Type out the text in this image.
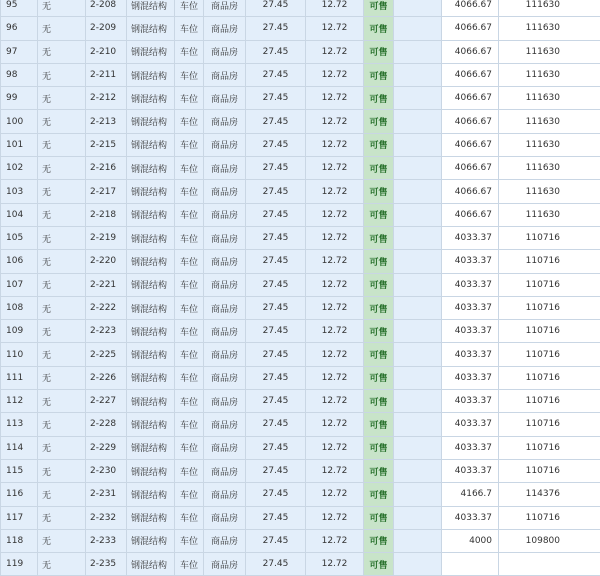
95	无	2-208	钢混结构	车位	商品房	27.45	12.72	可售		4066.67	111630
96	无	2-209	钢混结构	车位	商品房	27.45	12.72	可售		4066.67	111630
97	无	2-210	钢混结构	车位	商品房	27.45	12.72	可售		4066.67	111630
98	无	2-211	钢混结构	车位	商品房	27.45	12.72	可售		4066.67	111630
99	无	2-212	钢混结构	车位	商品房	27.45	12.72	可售		4066.67	111630
100	无	2-213	钢混结构	车位	商品房	27.45	12.72	可售		4066.67	111630
101	无	2-215	钢混结构	车位	商品房	27.45	12.72	可售		4066.67	111630
102	无	2-216	钢混结构	车位	商品房	27.45	12.72	可售		4066.67	111630
103	无	2-217	钢混结构	车位	商品房	27.45	12.72	可售		4066.67	111630
104	无	2-218	钢混结构	车位	商品房	27.45	12.72	可售		4066.67	111630
105	无	2-219	钢混结构	车位	商品房	27.45	12.72	可售		4033.37	110716
106	无	2-220	钢混结构	车位	商品房	27.45	12.72	可售		4033.37	110716
107	无	2-221	钢混结构	车位	商品房	27.45	12.72	可售		4033.37	110716
108	无	2-222	钢混结构	车位	商品房	27.45	12.72	可售		4033.37	110716
109	无	2-223	钢混结构	车位	商品房	27.45	12.72	可售		4033.37	110716
110	无	2-225	钢混结构	车位	商品房	27.45	12.72	可售		4033.37	110716
111	无	2-226	钢混结构	车位	商品房	27.45	12.72	可售		4033.37	110716
112	无	2-227	钢混结构	车位	商品房	27.45	12.72	可售		4033.37	110716
113	无	2-228	钢混结构	车位	商品房	27.45	12.72	可售		4033.37	110716
114	无	2-229	钢混结构	车位	商品房	27.45	12.72	可售		4033.37	110716
115	无	2-230	钢混结构	车位	商品房	27.45	12.72	可售		4033.37	110716
116	无	2-231	钢混结构	车位	商品房	27.45	12.72	可售		4166.7	114376
117	无	2-232	钢混结构	车位	商品房	27.45	12.72	可售		4033.37	110716
118	无	2-233	钢混结构	车位	商品房	27.45	12.72	可售		4000	109800
119	无	2-235	钢混结构	车位	商品房	27.45	12.72	可售			
